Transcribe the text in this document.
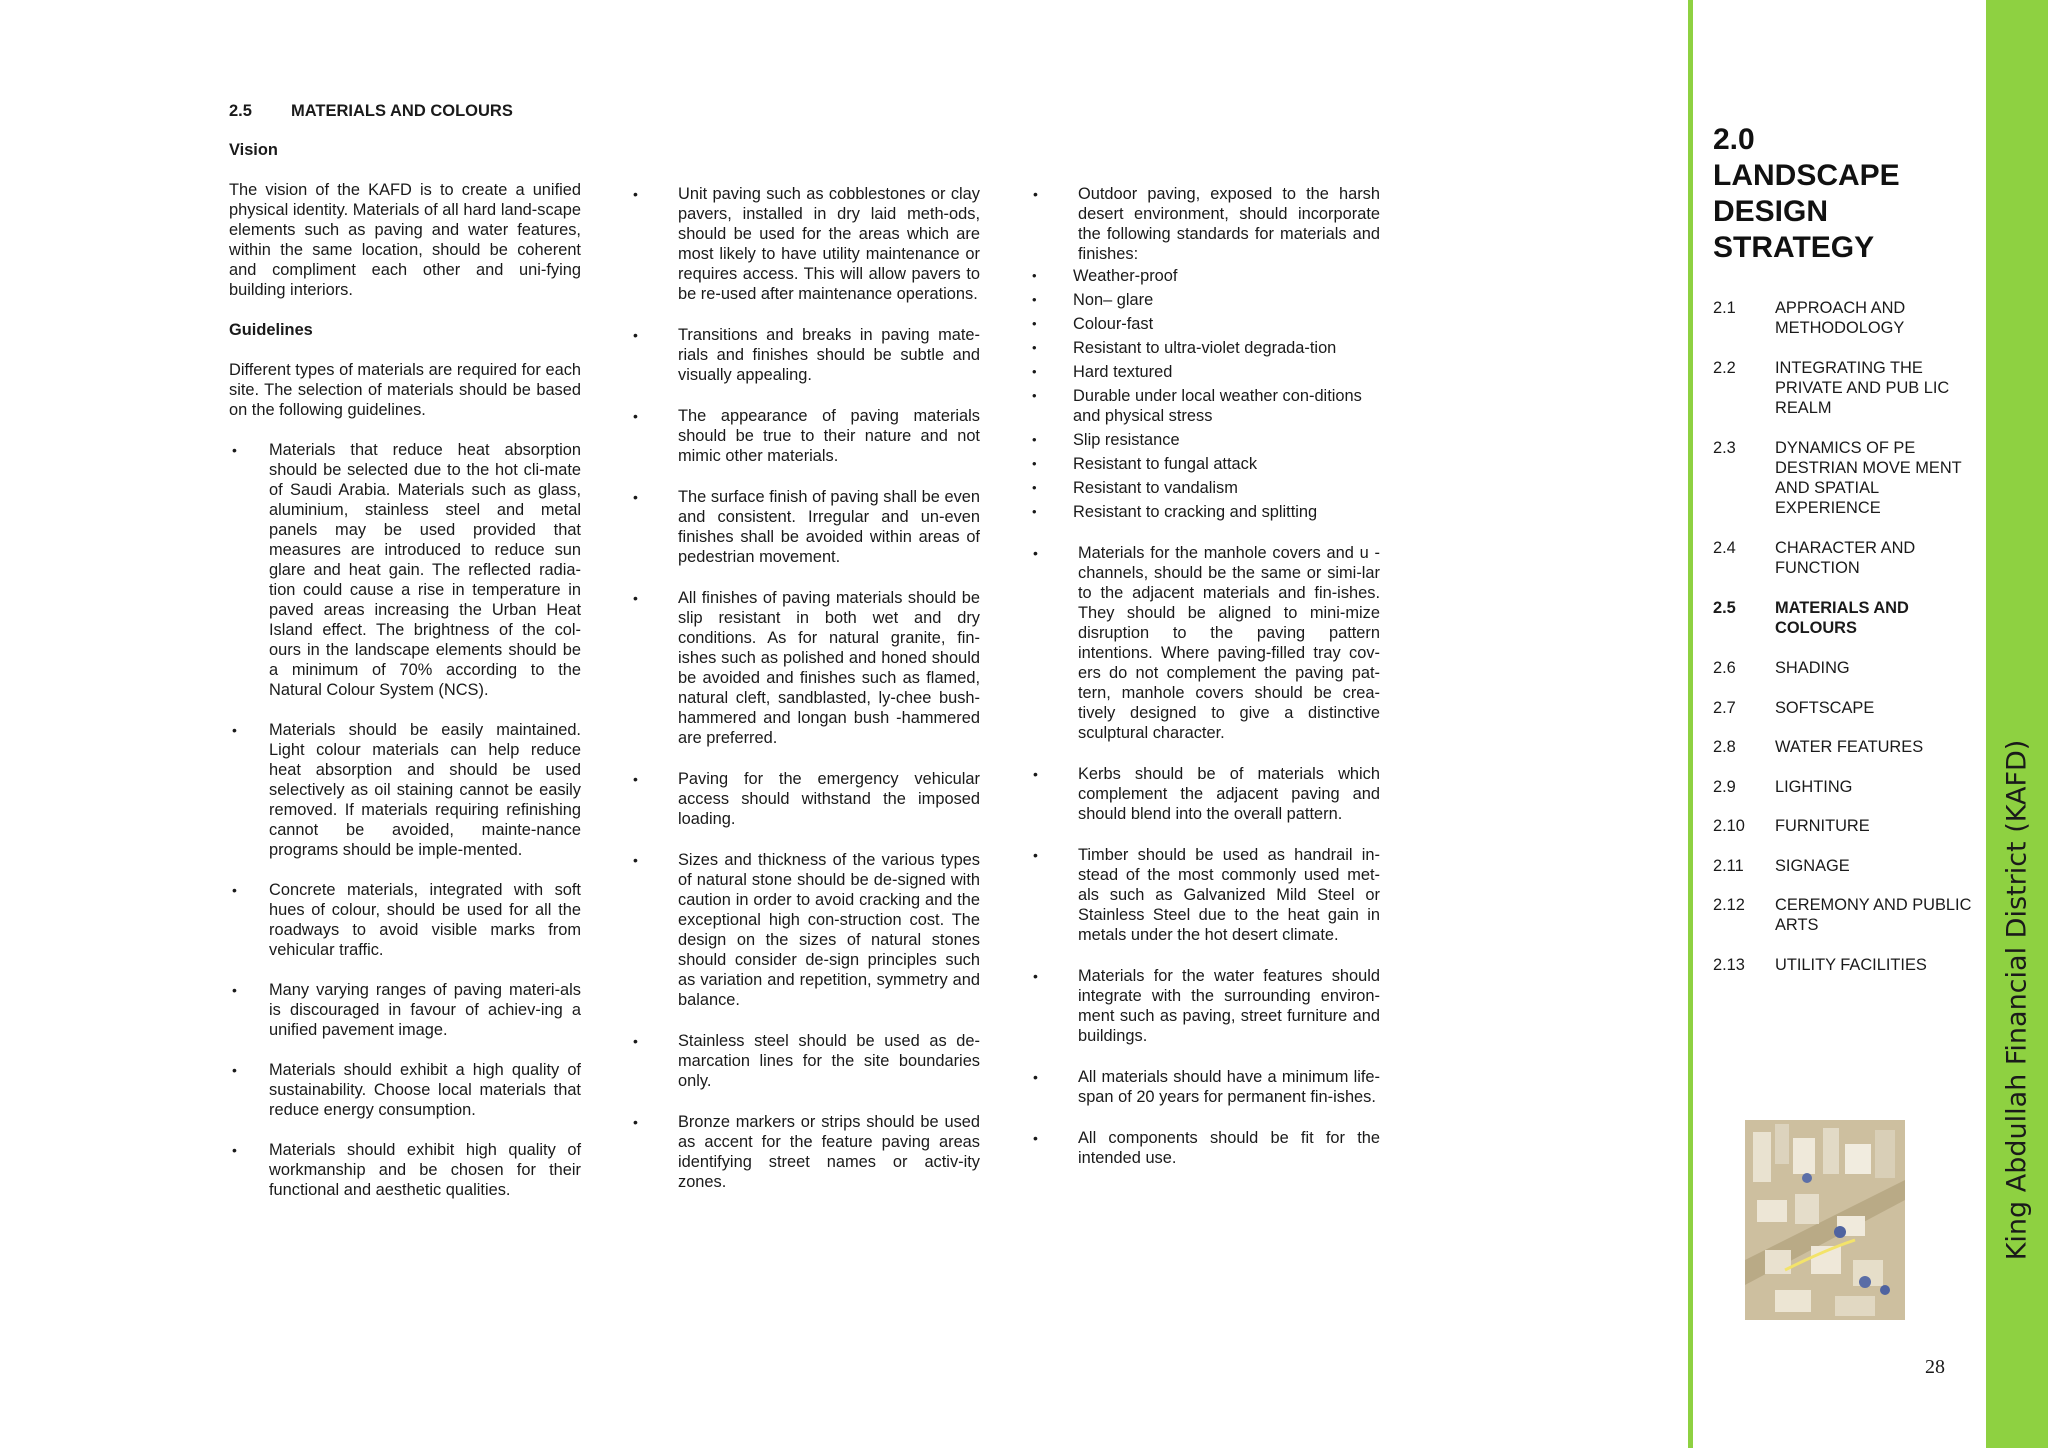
King Abdullah Financial District (KAFD)
2.5 MATERIALS AND COLOURS

Vision

The vision of the KAFD is to create a unified physical identity. Materials of all hard land-scape elements such as paving and water features, within the same location, should be coherent and compliment each other and uni-fying building interiors.

Guidelines

Different types of materials are required for each site. The selection of materials should be based on the following guidelines.

• Materials that reduce heat absorption should be selected due to the hot cli-mate of Saudi Arabia. Materials such as glass, aluminium, stainless steel and metal panels may be used provided that measures are introduced to reduce sun glare and heat gain. The reflected radia-tion could cause a rise in temperature in paved areas increasing the Urban Heat Island effect. The brightness of the col-ours in the landscape elements should be a minimum of 70% according to the Natural Colour System (NCS).
• Materials should be easily maintained. Light colour materials can help reduce heat absorption and should be used selectively as oil staining cannot be easily removed. If materials requiring refinishing cannot be avoided, mainte-nance programs should be imple-mented.
• Concrete materials, integrated with soft hues of colour, should be used for all the roadways to avoid visible marks from vehicular traffic.
• Many varying ranges of paving materi-als is discouraged in favour of achiev-ing a unified pavement image.
• Materials should exhibit a high quality of sustainability. Choose local materials that reduce energy consumption.
• Materials should exhibit high quality of workmanship and be chosen for their functional and aesthetic qualities.
• Unit paving such as cobblestones or clay pavers, installed in dry laid meth-ods, should be used for the areas which are most likely to have utility maintenance or requires access. This will allow pavers to be re-used after maintenance operations.
• Transitions and breaks in paving mate-rials and finishes should be subtle and visually appealing.
• The appearance of paving materials should be true to their nature and not mimic other materials.
• The surface finish of paving shall be even and consistent. Irregular and un-even finishes shall be avoided within areas of pedestrian movement.
• All finishes of paving materials should be slip resistant in both wet and dry conditions. As for natural granite, fin-ishes such as polished and honed should be avoided and finishes such as flamed, natural cleft, sandblasted, ly-chee bush-hammered and longan bush -hammered are preferred.
• Paving for the emergency vehicular access should withstand the imposed loading.
• Sizes and thickness of the various types of natural stone should be de-signed with caution in order to avoid cracking and the exceptional high con-struction cost. The design on the sizes of natural stones should consider de-sign principles such as variation and repetition, symmetry and balance.
• Stainless steel should be used as de-marcation lines for the site boundaries only.
• Bronze markers or strips should be used as accent for the feature paving areas identifying street names or activ-ity zones.
• Outdoor paving, exposed to the harsh desert environment, should incorporate the following standards for materials and finishes:
• Weather-proof
• Non– glare
• Colour-fast
• Resistant to ultra-violet degrada-tion
• Hard textured
• Durable under local weather con-ditions and physical stress
• Slip resistance
• Resistant to fungal attack
• Resistant to vandalism
• Resistant to cracking and splitting
• Materials for the manhole covers and u -channels, should be the same or simi-lar to the adjacent materials and fin-ishes. They should be aligned to mini-mize disruption to the paving pattern intentions. Where paving-filled tray cov-ers do not complement the paving pat-tern, manhole covers should be crea-tively designed to give a distinctive sculptural character.
• Kerbs should be of materials which complement the adjacent paving and should blend into the overall pattern.
• Timber should be used as handrail in-stead of the most commonly used met-als such as Galvanized Mild Steel or Stainless Steel due to the heat gain in metals under the hot desert climate.
• Materials for the water features should integrate with the surrounding environ-ment such as paving, street furniture and buildings.
• All materials should have a minimum life-span of 20 years for permanent fin-ishes.
• All components should be fit for the intended use.
2.0
LANDSCAPE
DESIGN
STRATEGY
2.1	APPROACH AND METHODOLOGY
2.2	INTEGRATING THE PRIVATE AND PUB LIC REALM
2.3	DYNAMICS OF PE DESTRIAN MOVE MENT AND SPATIAL EXPERIENCE
2.4	CHARACTER AND FUNCTION
2.5	MATERIALS AND COLOURS
2.6	SHADING
2.7	SOFTSCAPE
2.8	WATER FEATURES
2.9	LIGHTING
2.10	FURNITURE
2.11	SIGNAGE
2.12	CEREMONY AND PUBLIC ARTS
2.13	UTILITY FACILITIES
28
